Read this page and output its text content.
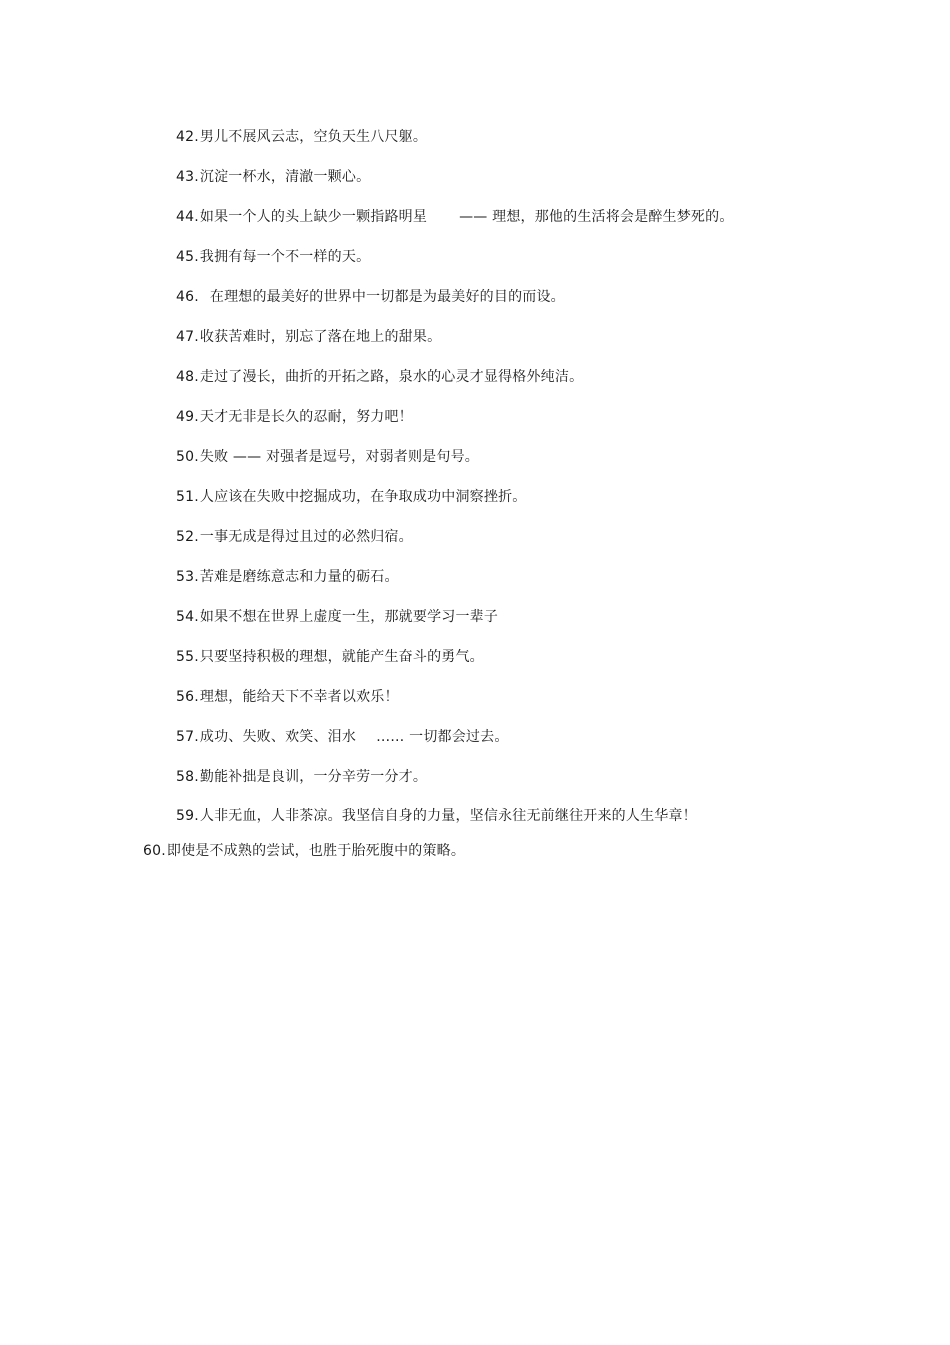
42.男儿不展风云志，空负天生八尺躯。
43.沉淀一杯水，清澈一颗心。
44.如果一个人的头上缺少一颗指路明星 —— 理想，那他的生活将会是醉生梦死的。
45.我拥有每一个不一样的天。
46. 在理想的最美好的世界中一切都是为最美好的目的而设。
47.收获苦难时，别忘了落在地上的甜果。
48.走过了漫长，曲折的开拓之路，泉水的心灵才显得格外纯洁。
49.天才无非是长久的忍耐，努力吧！
50.失败 —— 对强者是逗号，对弱者则是句号。
51.人应该在失败中挖掘成功，在争取成功中洞察挫折。
52.一事无成是得过且过的必然归宿。
53.苦难是磨练意志和力量的砺石。
54.如果不想在世界上虚度一生，那就要学习一辈子
55.只要坚持积极的理想，就能产生奋斗的勇气。
56.理想，能给天下不幸者以欢乐！
57.成功、失败、欢笑、泪水 …… 一切都会过去。
58.勤能补拙是良训，一分辛劳一分才。
59.人非无血，人非茶凉。我坚信自身的力量，坚信永往无前继往开来的人生华章！
60.即使是不成熟的尝试，也胜于胎死腹中的策略。
